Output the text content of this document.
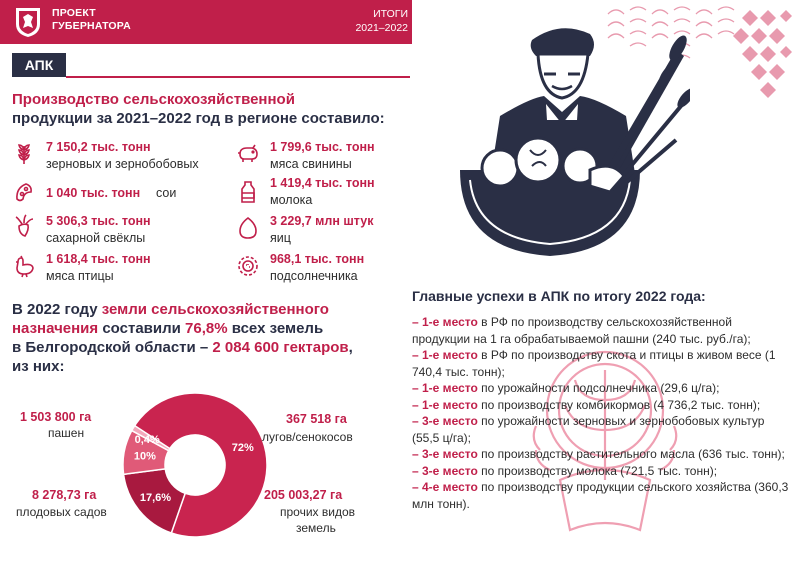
ПРОЕКТ
ГУБЕРНАТОРА
ИТОГИ
2021–2022
АПК
Производство сельскохозяйственной
продукции за 2021–2022 год в регионе составило:
7 150,2 тыс. тонн
зерновых и зернобобовых
1 040 тыс. тонн сои
5 306,3 тыс. тонн
сахарной свёклы
1 618,4 тыс. тонн
мяса птицы
1 799,6 тыс. тонн
мяса свинины
1 419,4 тыс. тонн
молока
3 229,7 млн штук
яиц
968,1 тыс. тонн
подсолнечника
В 2022 году земли сельскохозяйственного
назначения составили 76,8% всех земель
в Белгородской области – 2 084 600 гектаров,
из них:
72%
17,6%
10%
0,4%
1 503 800 га
пашен
367 518 га
лугов/сенокосов
205 003,27 га
прочих видов
земель
8 278,73 га
плодовых садов
Главные успехи в АПК по итогу 2022 года:
– 1-е место в РФ по производству сельскохозяйственной продукции на 1 га обрабатываемой пашни (240 тыс. руб./га);
– 1-е место в РФ по производству скота и птицы в живом весе (1 740,4 тыс. тонн);
– 1-е место по урожайности подсолнечника (29,6 ц/га);
– 1-е место по производству комбикормов (4 736,2 тыс. тонн);
– 3-е место по урожайности зерновых и зернобобовых культур (55,5 ц/га);
– 3-е место по производству растительного масла (636 тыс. тонн);
– 3-е место по производству молока (721,5 тыс. тонн);
– 4-е место по производству продукции сельского хозяйства (360,3 млн тонн).
